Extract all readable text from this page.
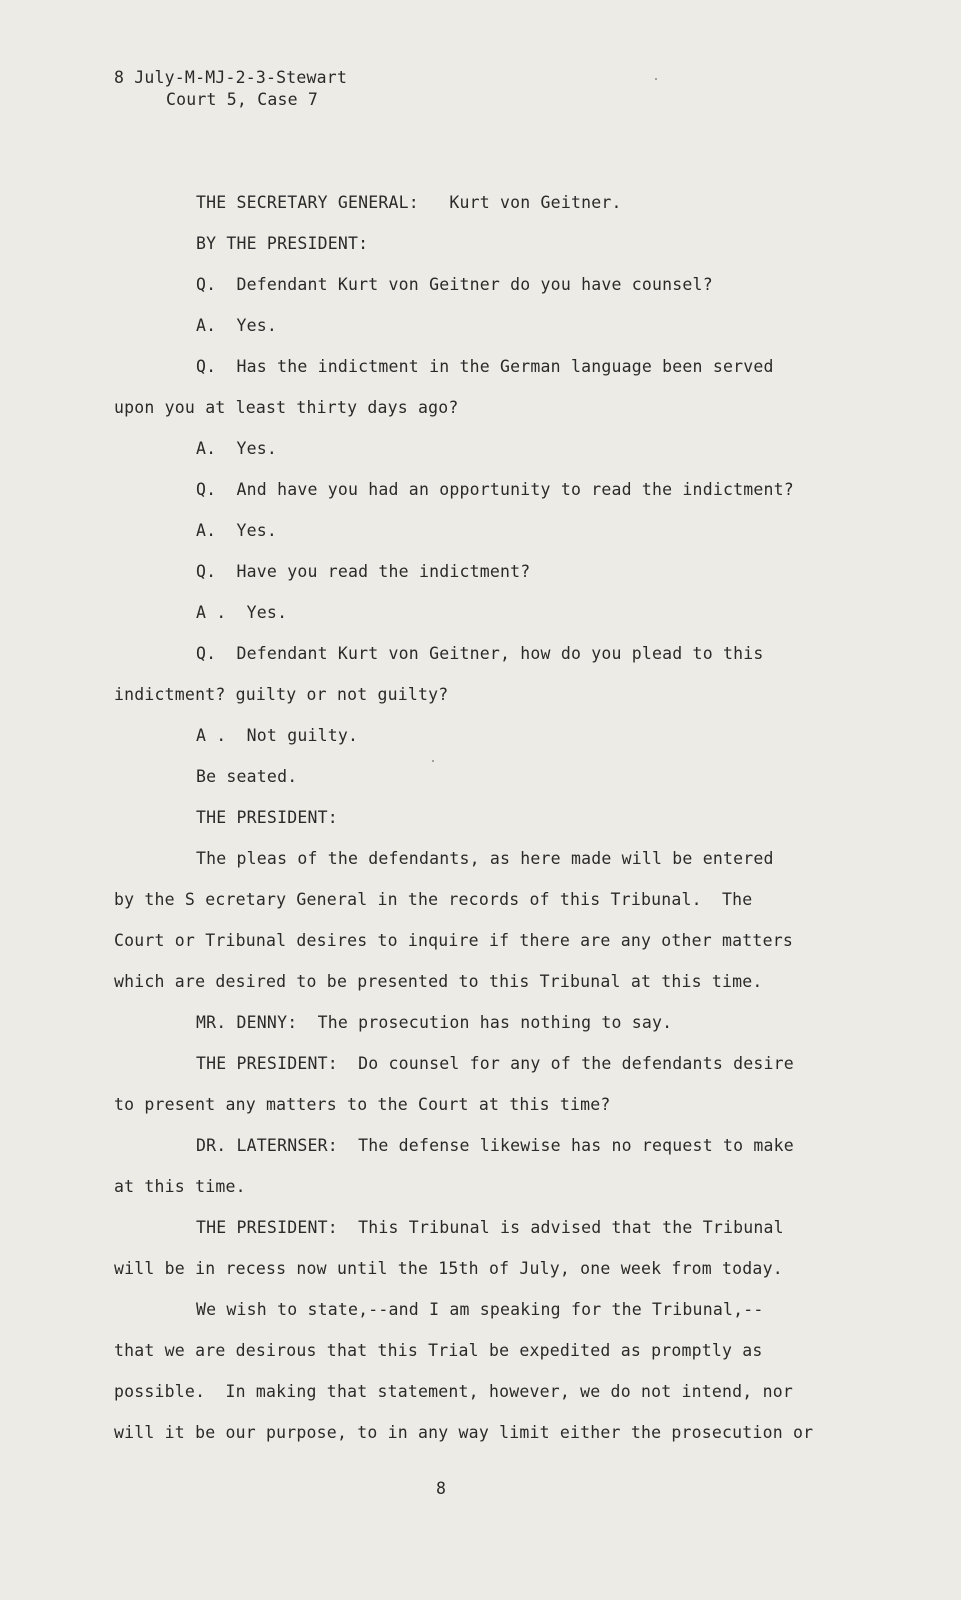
8 July-M-MJ-2-3-Stewart
Court 5, Case 7
THE SECRETARY GENERAL:   Kurt von Geitner.
BY THE PRESIDENT:
Q.  Defendant Kurt von Geitner do you have counsel?
A.  Yes.
Q.  Has the indictment in the German language been served
upon you at least thirty days ago?
A.  Yes.
Q.  And have you had an opportunity to read the indictment?
A.  Yes.
Q.  Have you read the indictment?
A .  Yes.
Q.  Defendant Kurt von Geitner, how do you plead to this
indictment? guilty or not guilty?
A .  Not guilty.
Be seated.
THE PRESIDENT:
The pleas of the defendants, as here made will be entered
by the S ecretary General in the records of this Tribunal.  The
Court or Tribunal desires to inquire if there are any other matters
which are desired to be presented to this Tribunal at this time.
MR. DENNY:  The prosecution has nothing to say.
THE PRESIDENT:  Do counsel for any of the defendants desire
to present any matters to the Court at this time?
DR. LATERNSER:  The defense likewise has no request to make
at this time.
THE PRESIDENT:  This Tribunal is advised that the Tribunal
will be in recess now until the 15th of July, one week from today.
We wish to state,--and I am speaking for the Tribunal,--
that we are desirous that this Trial be expedited as promptly as
possible.  In making that statement, however, we do not intend, nor
will it be our purpose, to in any way limit either the prosecution or
8
